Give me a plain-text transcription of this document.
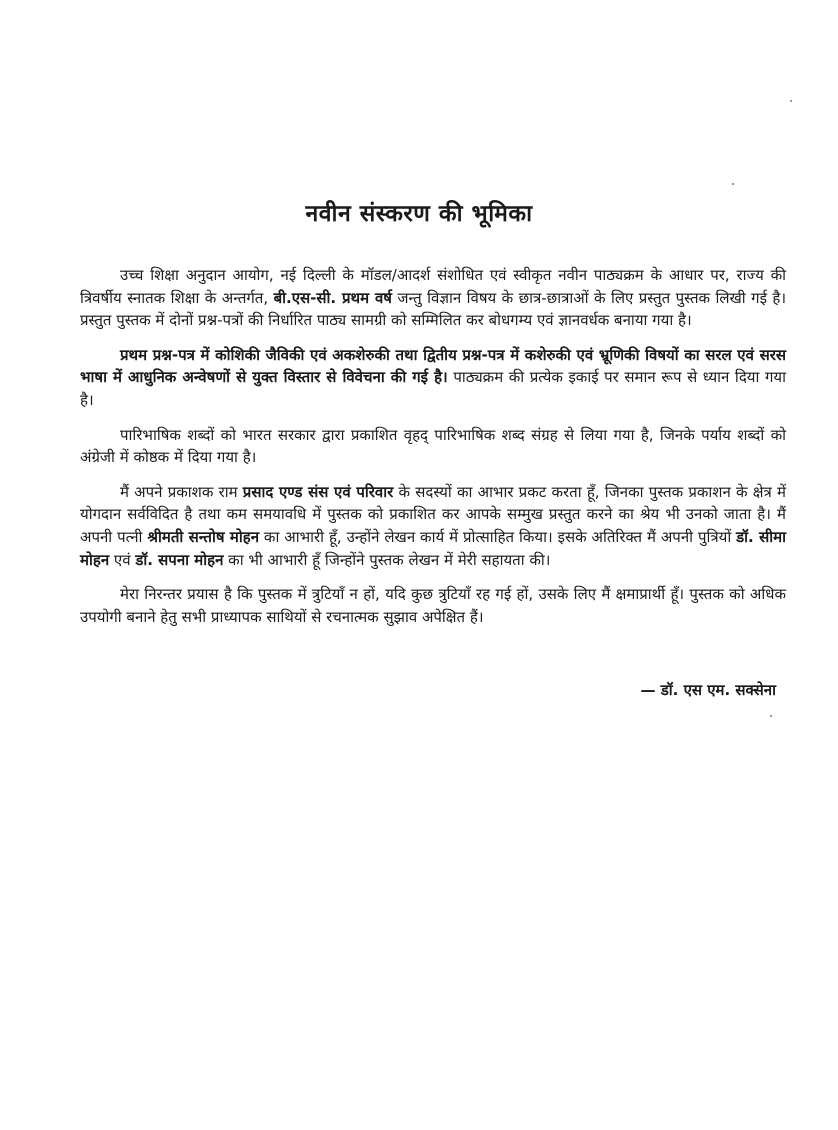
नवीन संस्करण की भूमिका

उच्च शिक्षा अनुदान आयोग, नई दिल्ली के मॉडल/आदर्श संशोधित एवं स्वीकृत नवीन पाठ्यक्रम के आधार पर, राज्य की त्रिवर्षीय स्नातक शिक्षा के अन्तर्गत, बी.एस-सी. प्रथम वर्ष जन्तु विज्ञान विषय के छात्र-छात्राओं के लिए प्रस्तुत पुस्तक लिखी गई है। प्रस्तुत पुस्तक में दोनों प्रश्न-पत्रों की निर्धारित पाठ्य सामग्री को सम्मिलित कर बोधगम्य एवं ज्ञानवर्धक बनाया गया है।

प्रथम प्रश्न-पत्र में कोशिकी जैविकी एवं अकशेरुकी तथा द्वितीय प्रश्न-पत्र में कशेरुकी एवं भ्रूणिकी विषयों का सरल एवं सरस भाषा में आधुनिक अन्वेषणों से युक्त विस्तार से विवेचना की गई है। पाठ्यक्रम की प्रत्येक इकाई पर समान रूप से ध्यान दिया गया है।

पारिभाषिक शब्दों को भारत सरकार द्वारा प्रकाशित वृहद् पारिभाषिक शब्द संग्रह से लिया गया है, जिनके पर्याय शब्दों को अंग्रेजी में कोष्ठक में दिया गया है।

मैं अपने प्रकाशक राम प्रसाद एण्ड संस एवं परिवार के सदस्यों का आभार प्रकट करता हूँ, जिनका पुस्तक प्रकाशन के क्षेत्र में योगदान सर्वविदित है तथा कम समयावधि में पुस्तक को प्रकाशित कर आपके सम्मुख प्रस्तुत करने का श्रेय भी उनको जाता है। मैं अपनी पत्नी श्रीमती सन्तोष मोहन का आभारी हूँ, उन्होंने लेखन कार्य में प्रोत्साहित किया। इसके अतिरिक्त मैं अपनी पुत्रियों डॉ. सीमा मोहन एवं डॉ. सपना मोहन का भी आभारी हूँ जिन्होंने पुस्तक लेखन में मेरी सहायता की।

मेरा निरन्तर प्रयास है कि पुस्तक में त्रुटियाँ न हों, यदि कुछ त्रुटियाँ रह गई हों, उसके लिए मैं क्षमाप्रार्थी हूँ। पुस्तक को अधिक उपयोगी बनाने हेतु सभी प्राध्यापक साथियों से रचनात्मक सुझाव अपेक्षित हैं।

— डॉ. एस एम. सक्सेना
